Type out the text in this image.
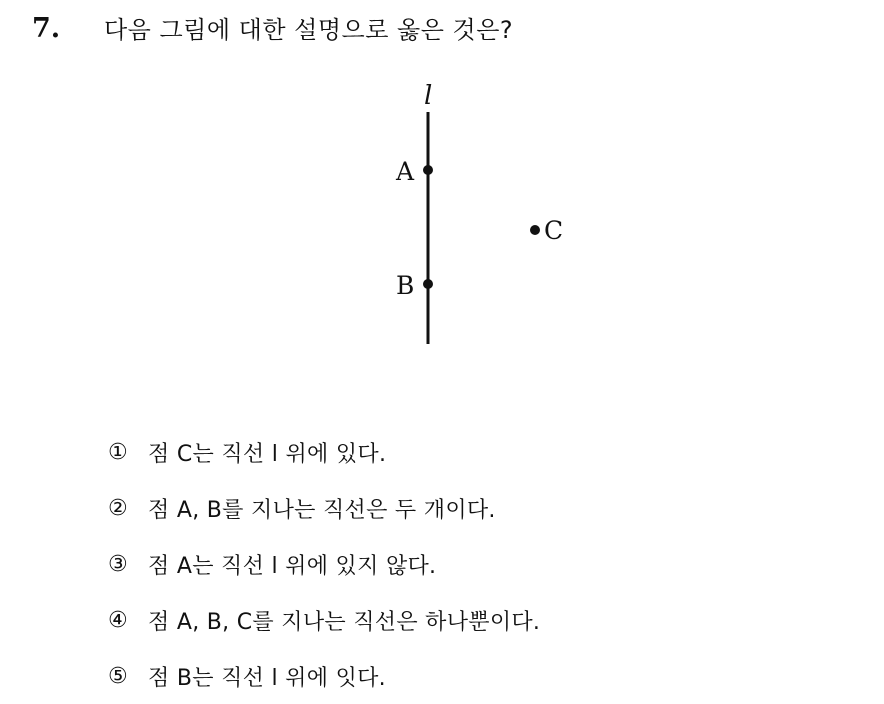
7. 다음 그림에 대한 설명으로 옳은 것은?
l
A
B
C
① 점 C는 직선 l 위에 있다.
② 점 A, B를 지나는 직선은 두 개이다.
③ 점 A는 직선 l 위에 있지 않다.
④ 점 A, B, C를 지나는 직선은 하나뿐이다.
⑤ 점 B는 직선 l 위에 잇다.
